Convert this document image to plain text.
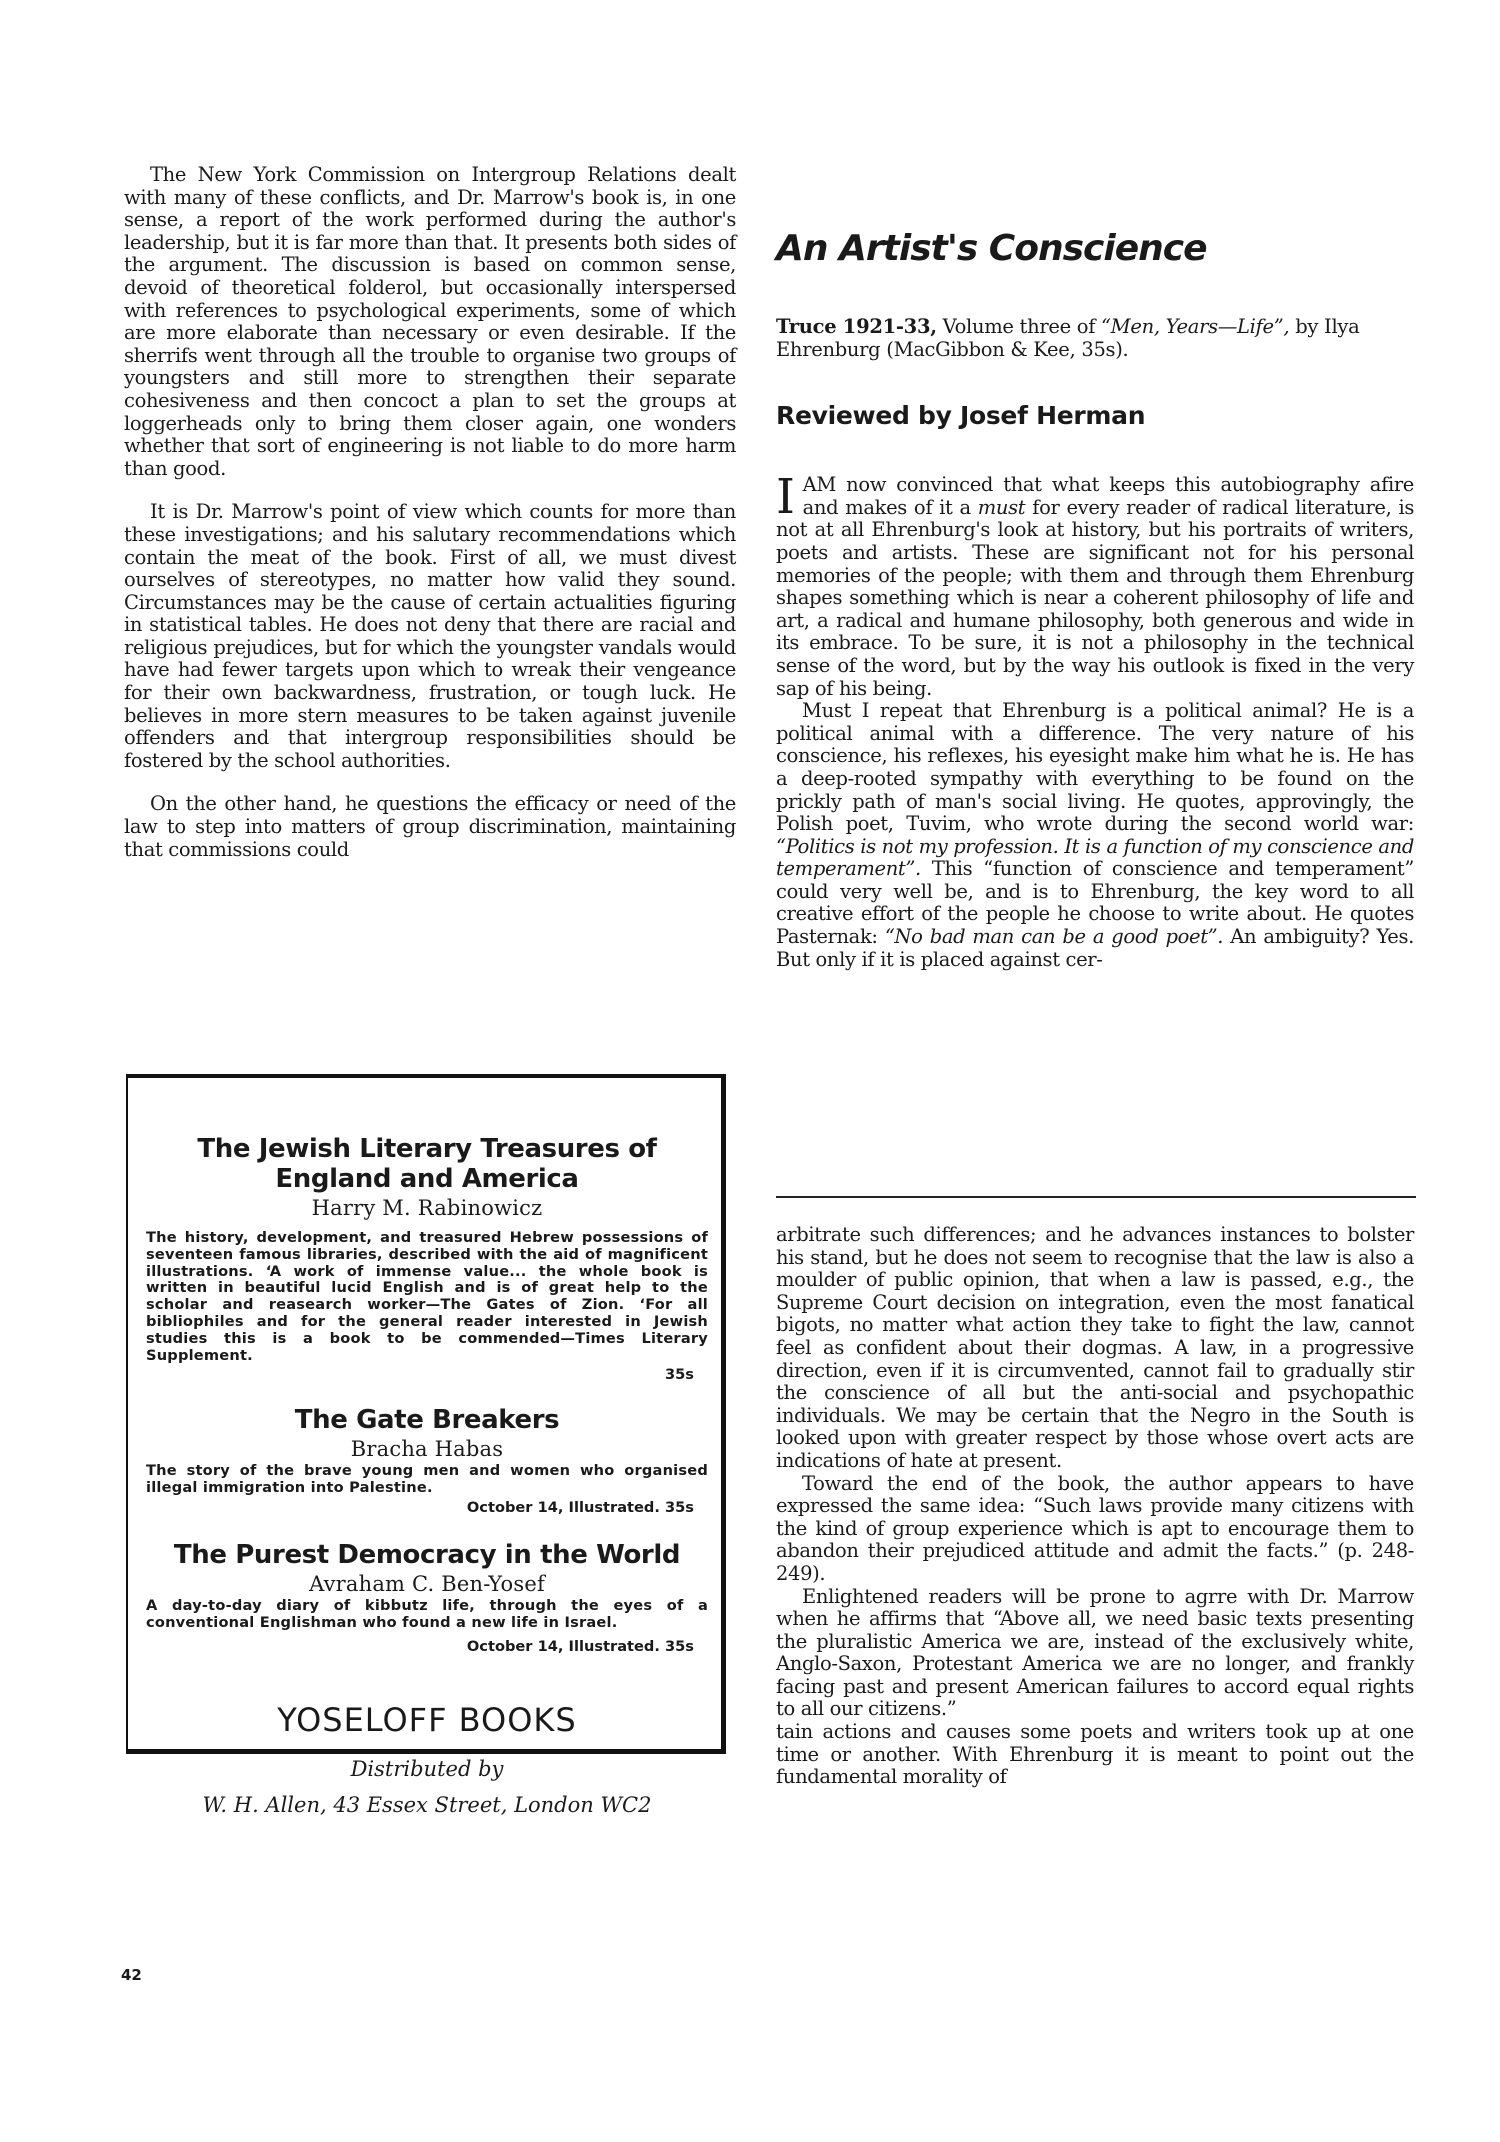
The New York Commission on Intergroup Relations dealt with many of these conflicts, and Dr. Marrow's book is, in one sense, a report of the work performed during the author's leadership, but it is far more than that. It presents both sides of the argument. The discussion is based on common sense, devoid of theoretical folderol, but occasionally interspersed with references to psychological experiments, some of which are more elaborate than necessary or even desirable. If the sherrifs went through all the trouble to organise two groups of youngsters and still more to strengthen their separate cohesiveness and then concoct a plan to set the groups at loggerheads only to bring them closer again, one wonders whether that sort of engineering is not liable to do more harm than good.

It is Dr. Marrow's point of view which counts for more than these investigations; and his salutary recommendations which contain the meat of the book. First of all, we must divest ourselves of stereotypes, no matter how valid they sound. Circumstances may be the cause of certain actualities figuring in statistical tables. He does not deny that there are racial and religious prejudices, but for which the youngster vandals would have had fewer targets upon which to wreak their vengeance for their own backwardness, frustration, or tough luck. He believes in more stern measures to be taken against juvenile offenders and that intergroup responsibilities should be fostered by the school authorities.

On the other hand, he questions the efficacy or need of the law to step into matters of group discrimination, maintaining that commissions could

An Artist's Conscience

Truce 1921-33, Volume three of “Men, Years—Life”, by Ilya Ehrenburg (MacGibbon & Kee, 35s).

Reviewed by Josef Herman

IAM now convinced that what keeps this autobiography afire and makes of it a must for every reader of radical literature, is not at all Ehrenburg's look at history, but his portraits of writers, poets and artists. These are significant not for his personal memories of the people; with them and through them Ehrenburg shapes something which is near a coherent philosophy of life and art, a radical and humane philosophy, both generous and wide in its embrace. To be sure, it is not a philosophy in the technical sense of the word, but by the way his outlook is fixed in the very sap of his being.

Must I repeat that Ehrenburg is a political animal? He is a political animal with a difference. The very nature of his conscience, his reflexes, his eyesight make him what he is. He has a deep-rooted sympathy with everything to be found on the prickly path of man's social living. He quotes, approvingly, the Polish poet, Tuvim, who wrote during the second world war: “Politics is not my profession. It is a function of my conscience and temperament”. This “function of conscience and temperament” could very well be, and is to Ehrenburg, the key word to all creative effort of the people he choose to write about. He quotes Pasternak: “No bad man can be a good poet”. An ambiguity? Yes. But only if it is placed against cer-

arbitrate such differences; and he advances instances to bolster his stand, but he does not seem to recognise that the law is also a moulder of public opinion, that when a law is passed, e.g., the Supreme Court decision on integration, even the most fanatical bigots, no matter what action they take to fight the law, cannot feel as confident about their dogmas. A law, in a progressive direction, even if it is circumvented, cannot fail to gradually stir the conscience of all but the anti-social and psychopathic individuals. We may be certain that the Negro in the South is looked upon with greater respect by those whose overt acts are indications of hate at present.

Toward the end of the book, the author appears to have expressed the same idea: “Such laws provide many citizens with the kind of group experience which is apt to encourage them to abandon their prejudiced attitude and admit the facts.” (p. 248-249).

Enlightened readers will be prone to agrre with Dr. Marrow when he affirms that “Above all, we need basic texts presenting the pluralistic America we are, instead of the exclusively white, Anglo-Saxon, Protestant America we are no longer, and frankly facing past and present American failures to accord equal rights to all our citizens.”

tain actions and causes some poets and writers took up at one time or another. With Ehrenburg it is meant to point out the fundamental morality of

The Jewish Literary Treasures of England and America
Harry M. Rabinowicz

The history, development, and treasured Hebrew possessions of seventeen famous libraries, described with the aid of magnificent illustrations. ‘A work of immense value... the whole book is written in beautiful lucid English and is of great help to the scholar and reasearch worker—The Gates of Zion. ‘For all bibliophiles and for the general reader interested in Jewish studies this is a book to be commended—Times Literary Supplement.

35s
The Gate Breakers
Bracha Habas

The story of the brave young men and women who organised illegal immigration into Palestine.

October 14, Illustrated. 35s
The Purest Democracy in the World
Avraham C. Ben-Yosef

A day-to-day diary of kibbutz life, through the eyes of a conventional Englishman who found a new life in Israel.

October 14, Illustrated. 35s
YOSELOFF BOOKS
Distributed by
W. H. Allen, 43 Essex Street, London WC2
42
